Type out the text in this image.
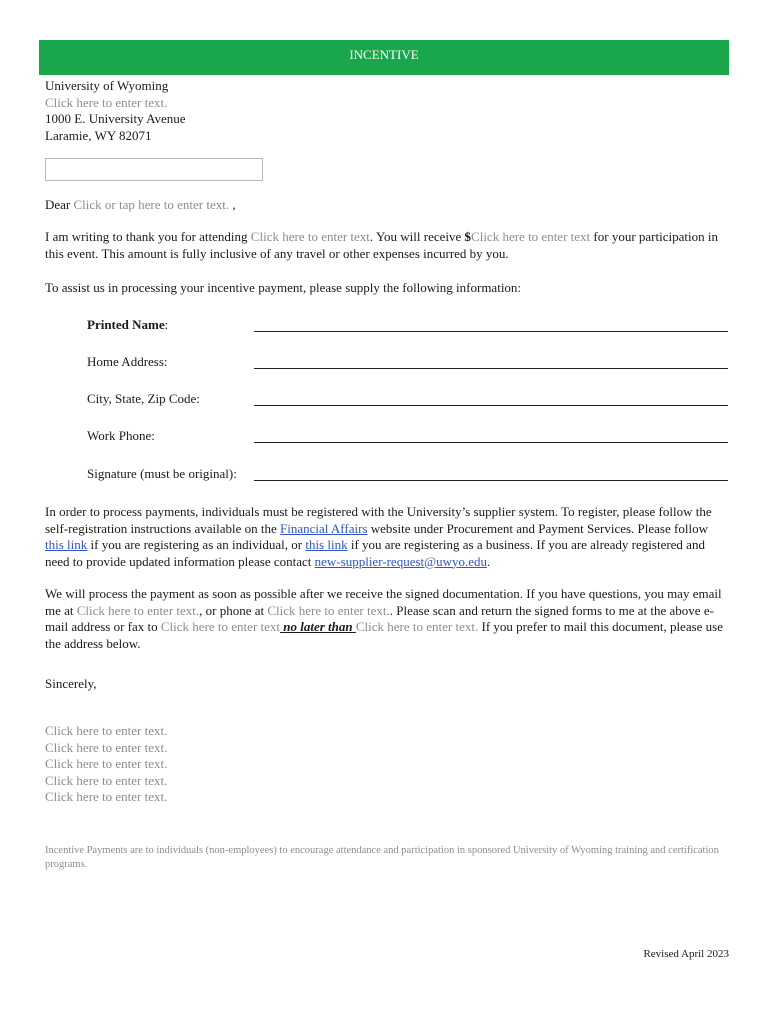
INCENTIVE
University of Wyoming
Click here to enter text.
1000 E. University Avenue
Laramie, WY 82071
Dear Click or tap here to enter text. ,
I am writing to thank you for attending Click here to enter text. You will receive $Click here to enter text for your participation in this event. This amount is fully inclusive of any travel or other expenses incurred by you.
To assist us in processing your incentive payment, please supply the following information:
Printed Name:
Home Address:
City, State, Zip Code:
Work Phone:
Signature (must be original):
In order to process payments, individuals must be registered with the University’s supplier system. To register, please follow the self-registration instructions available on the Financial Affairs website under Procurement and Payment Services. Please follow this link if you are registering as an individual, or this link if you are registering as a business. If you are already registered and need to provide updated information please contact new-supplier-request@uwyo.edu.
We will process the payment as soon as possible after we receive the signed documentation. If you have questions, you may email me at Click here to enter text., or phone at Click here to enter text.. Please scan and return the signed forms to me at the above e-mail address or fax to Click here to enter text no later than Click here to enter text. If you prefer to mail this document, please use the address below.
Sincerely,
Click here to enter text.
Click here to enter text.
Click here to enter text.
Click here to enter text.
Click here to enter text.
Incentive Payments are to individuals (non-employees) to encourage attendance and participation in sponsored University of Wyoming training and certification programs.
Revised April 2023
